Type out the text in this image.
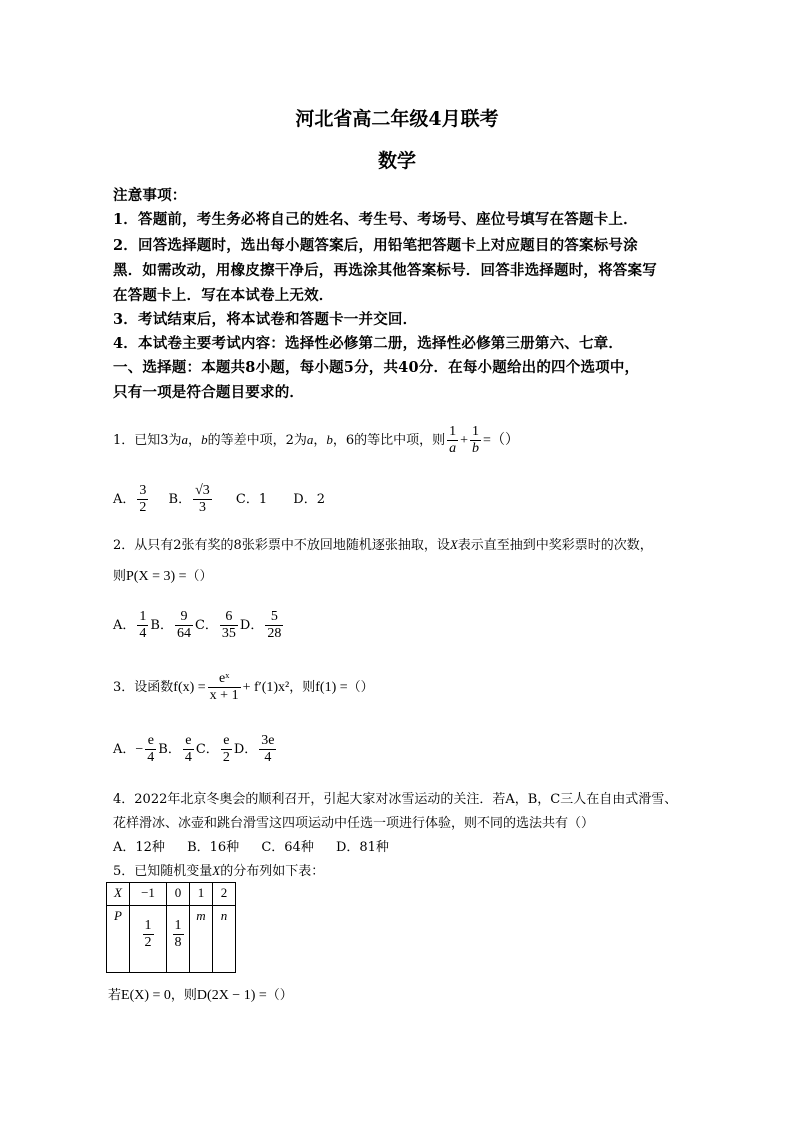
河北省高二年级4月联考
数学
注意事项：
1．答题前，考生务必将自己的姓名、考生号、考场号、座位号填写在答题卡上．
2．回答选择题时，选出每小题答案后，用铅笔把答题卡上对应题目的答案标号涂
黑．如需改动，用橡皮擦干净后，再选涂其他答案标号．回答非选择题时，将答案写
在答题卡上．写在本试卷上无效．
3．考试结束后，将本试卷和答题卡一并交回．
4．本试卷主要考试内容：选择性必修第二册，选择性必修第三册第六、七章．
一、选择题：本题共8小题，每小题5分，共40分．在每小题给出的四个选项中，
只有一项是符合题目要求的．
1．已知3为a，b的等差中项，2为a，b，6的等比中项，则 $\frac{1}{a} + \frac{1}{b}$ =（）
A． $\frac{3}{2}$ B． $\frac{√3}{3}$ C．1 D．2
2．从只有2张有奖的8张彩票中不放回地随机逐张抽取，设X表示直至抽到中奖彩票时的次数，
则P(X = 3) =（）
A． $\frac{1}{4}$ B． $\frac{9}{64}$ C． $\frac{6}{35}$ D． $\frac{5}{28}$
3．设函数$f(x) = \frac{\text{eˣ}}{x + 1} + f'(1)x^2$，则f(1) =（）
A．− $\frac{e}{4}$ B． $\frac{e}{4}$ C． $\frac{e}{2}$ D． $\frac{3e}{4}$
4．2022年北京冬奥会的顺利召开，引起大家对冰雪运动的关注．若A，B，C三人在自由式滑雪、
花样滑冰、冰壶和跳台滑雪这四项运动中任选一项进行体验，则不同的选法共有（）
A．12种 B．16种 C．64种 D．81种
5．已知随机变量X的分布列如下表：
X	−1	0	1	2
P	$\frac{1}{2}$	$\frac{1}{8}$	m	n
若E(X) = 0，则D(2X − 1) =（）
